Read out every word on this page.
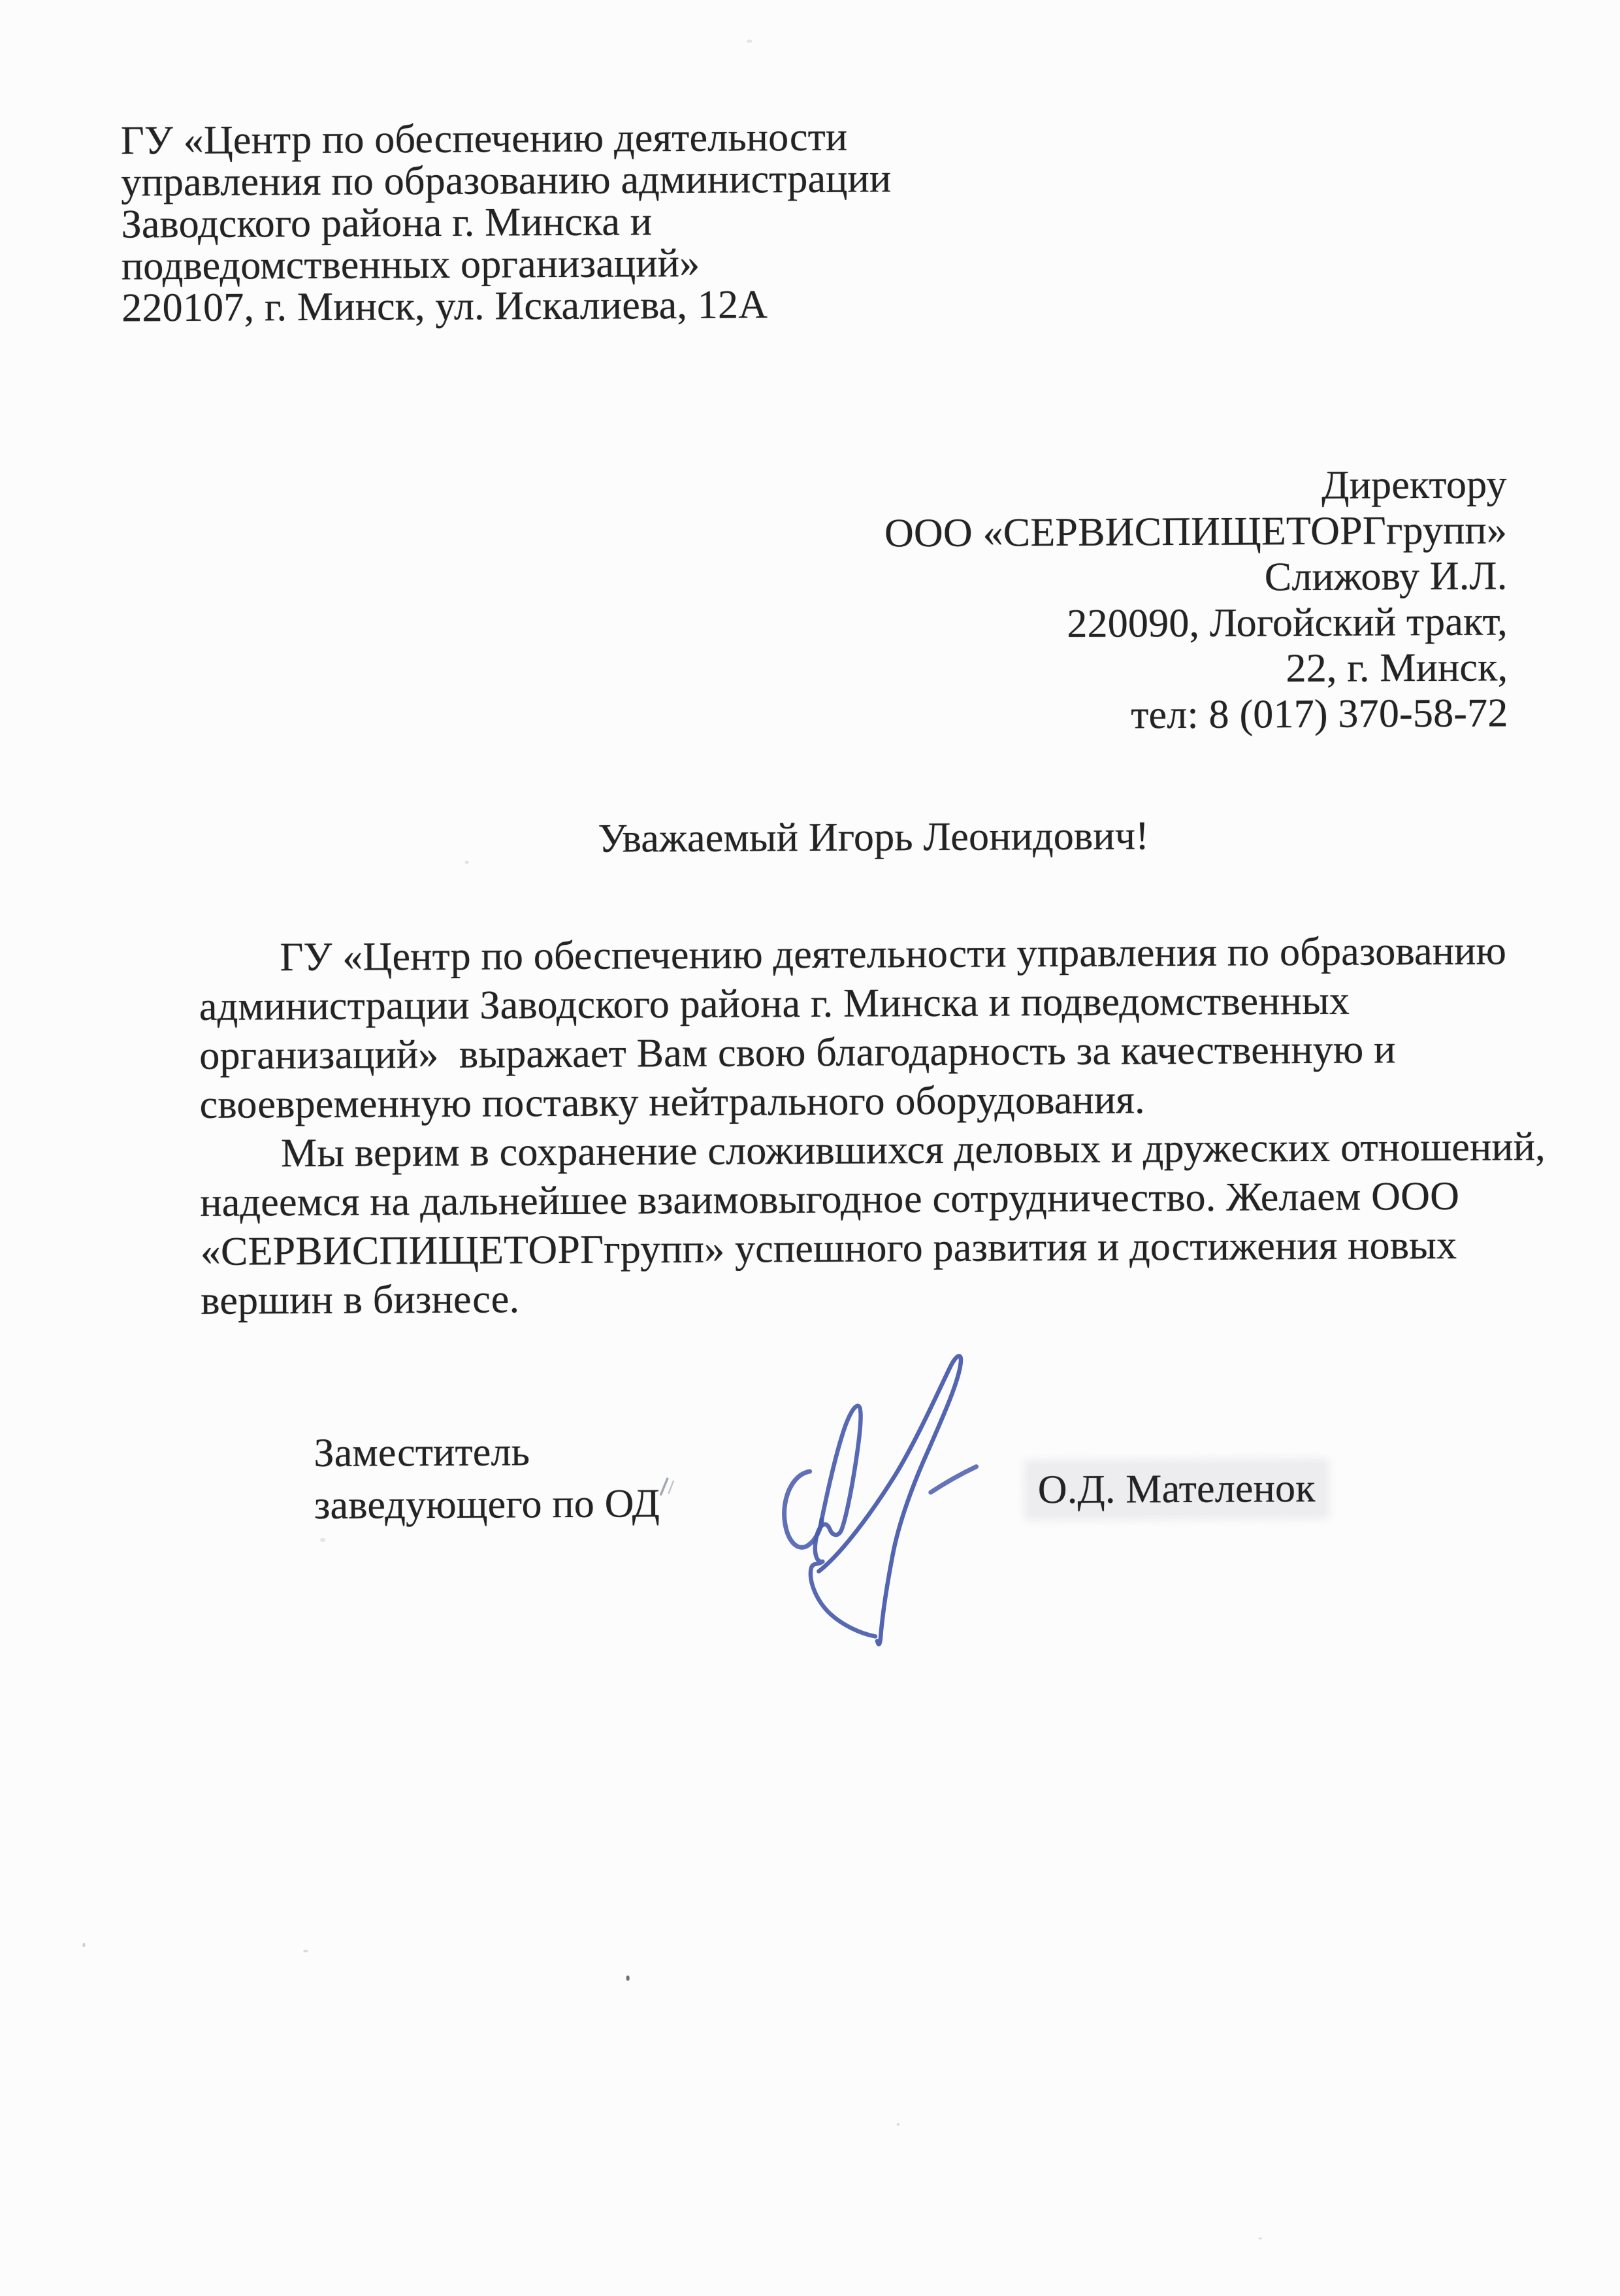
ГУ «Центр по обеспечению деятельности
управления по образованию администрации
Заводского района г. Минска и
подведомственных организаций»
220107, г. Минск, ул. Искалиева, 12А
Директору
ООО «СЕРВИСПИЩЕТОРГгрупп»
Слижову И.Л.
220090, Логойский тракт,
22, г. Минск,
тел: 8 (017) 370-58-72
Уважаемый Игорь Леонидович!
ГУ «Центр по обеспечению деятельности управления по образованию
администрации Заводского района г. Минска и подведомственных
организаций»  выражает Вам свою благодарность за качественную и
своевременную поставку нейтрального оборудования.
Мы верим в сохранение сложившихся деловых и дружеских отношений,
надеемся на дальнейшее взаимовыгодное сотрудничество. Желаем ООО
«СЕРВИСПИЩЕТОРГгрупп» успешного развития и достижения новых
вершин в бизнесе.
Заместитель
заведующего по ОД	О.Д. Мателенок
